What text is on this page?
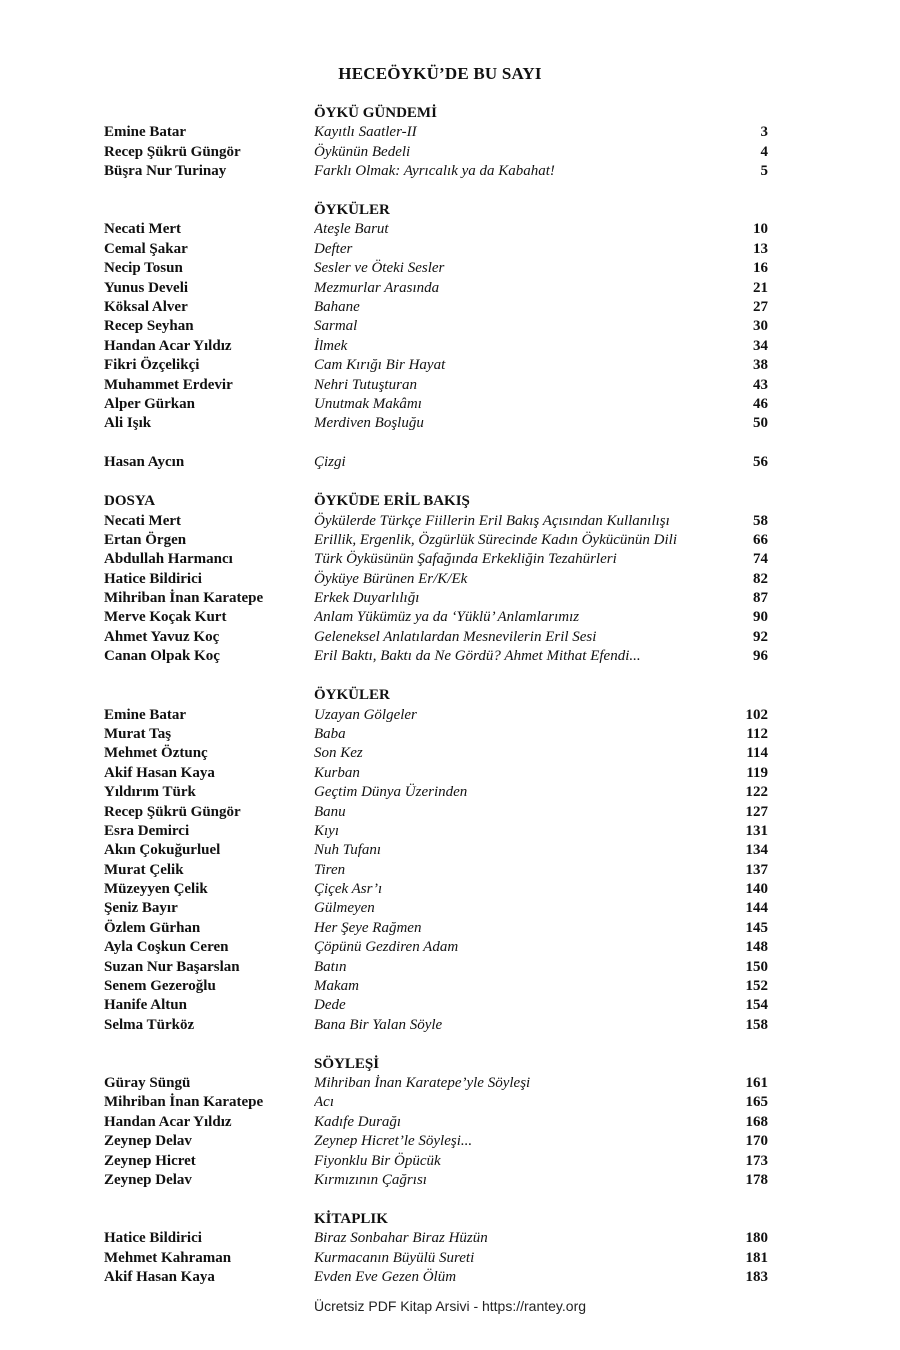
HECEÖYKÜ’DE BU SAYI
ÖYKÜ GÜNDEMİ
Emine Batar	Kayıtlı Saatler-II	3
Recep Şükrü Güngör	Öykünün Bedeli	4
Büşra Nur Turinay	Farklı Olmak: Ayrıcalık ya da Kabahat!	5
ÖYKÜLER
Necati Mert	Ateşle Barut	10
Cemal Şakar	Defter	13
Necip Tosun	Sesler ve Öteki Sesler	16
Yunus Develi	Mezmurlar Arasında	21
Köksal Alver	Bahane	27
Recep Seyhan	Sarmal	30
Handan Acar Yıldız	İlmek	34
Fikri Özçelikçi	Cam Kırığı Bir Hayat	38
Muhammet Erdevir	Nehri Tutuşturan	43
Alper Gürkan	Unutmak Makâmı	46
Ali Işık	Merdiven Boşluğu	50
Hasan Aycın	Çizgi	56
DOSYA	ÖYKÜDE ERİL BAKIŞ
Necati Mert	Öykülerde Türkçe Fiillerin Eril Bakış Açısından Kullanılışı	58
Ertan Örgen	Erillik, Ergenlik, Özgürlük Sürecinde Kadın Öykücünün Dili	66
Abdullah Harmancı	Türk Öyküsünün Şafağında Erkekliğin Tezahürleri	74
Hatice Bildirici	Öyküye Bürünen Er/K/Ek	82
Mihriban İnan Karatepe	Erkek Duyarlılığı	87
Merve Koçak Kurt	Anlam Yükümüz ya da ‘Yüklü’ Anlamlarımız	90
Ahmet Yavuz Koç	Geleneksel Anlatılardan Mesnevilerin Eril Sesi	92
Canan Olpak Koç	Eril Baktı, Baktı da Ne Gördü? Ahmet Mithat Efendi...	96
ÖYKÜLER
Emine Batar	Uzayan Gölgeler	102
Murat Taş	Baba	112
Mehmet Öztunç	Son Kez	114
Akif Hasan Kaya	Kurban	119
Yıldırım Türk	Geçtim Dünya Üzerinden	122
Recep Şükrü Güngör	Banu	127
Esra Demirci	Kıyı	131
Akın Çokuğurluel	Nuh Tufanı	134
Murat Çelik	Tiren	137
Müzeyyen Çelik	Çiçek Asr’ı	140
Şeniz Bayır	Gülmeyen	144
Özlem Gürhan	Her Şeye Rağmen	145
Ayla Coşkun Ceren	Çöpünü Gezdiren Adam	148
Suzan Nur Başarslan	Batın	150
Senem Gezeroğlu	Makam	152
Hanife Altun	Dede	154
Selma Türköz	Bana Bir Yalan Söyle	158
SÖYLEŞİ
Güray Süngü	Mihriban İnan Karatepe’yle Söyleşi	161
Mihriban İnan Karatepe	Acı	165
Handan Acar Yıldız	Kadıfe Durağı	168
Zeynep Delav	Zeynep Hicret’le Söyleşi...	170
Zeynep Hicret	Fiyonklu Bir Öpücük	173
Zeynep Delav	Kırmızının Çağrısı	178
KİTAPLIK
Hatice Bildirici	Biraz Sonbahar Biraz Hüzün	180
Mehmet Kahraman	Kurmacanın Büyülü Sureti	181
Akif Hasan Kaya	Evden Eve Gezen Ölüm	183
Ücretsiz PDF Kitap Arsivi - https://rantey.org
